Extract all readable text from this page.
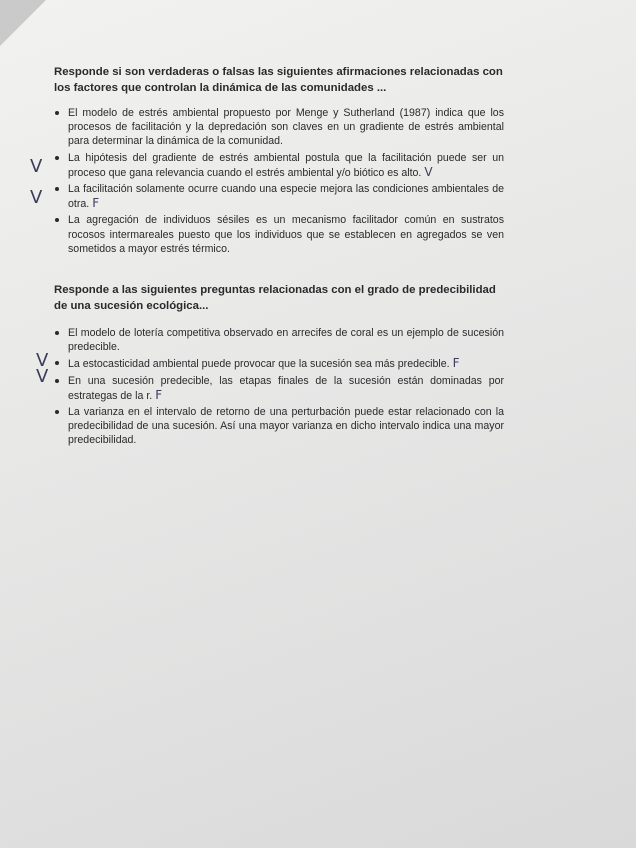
Responde si son verdaderas o falsas las siguientes afirmaciones relacionadas con los factores que controlan la dinámica de las comunidades ...
El modelo de estrés ambiental propuesto por Menge y Sutherland (1987) indica que los procesos de facilitación y la depredación son claves en un gradiente de estrés ambiental para determinar la dinámica de la comunidad.
La hipótesis del gradiente de estrés ambiental postula que la facilitación puede ser un proceso que gana relevancia cuando el estrés ambiental y/o biótico es alto. V
La facilitación solamente ocurre cuando una especie mejora las condiciones ambientales de otra. F
La agregación de individuos sésiles es un mecanismo facilitador común en sustratos rocosos intermareales puesto que los individuos que se establecen en agregados se ven sometidos a mayor estrés térmico.
V
V
Responde a las siguientes preguntas relacionadas con el grado de predecibilidad de una sucesión ecológica...
El modelo de lotería competitiva observado en arrecifes de coral es un ejemplo de sucesión predecible.
La estocasticidad ambiental puede provocar que la sucesión sea más predecible. F
En una sucesión predecible, las etapas finales de la sucesión están dominadas por estrategas de la r. F
La varianza en el intervalo de retorno de una perturbación puede estar relacionado con la predecibilidad de una sucesión. Así una mayor varianza en dicho intervalo indica una mayor predecibilidad.
V
V
